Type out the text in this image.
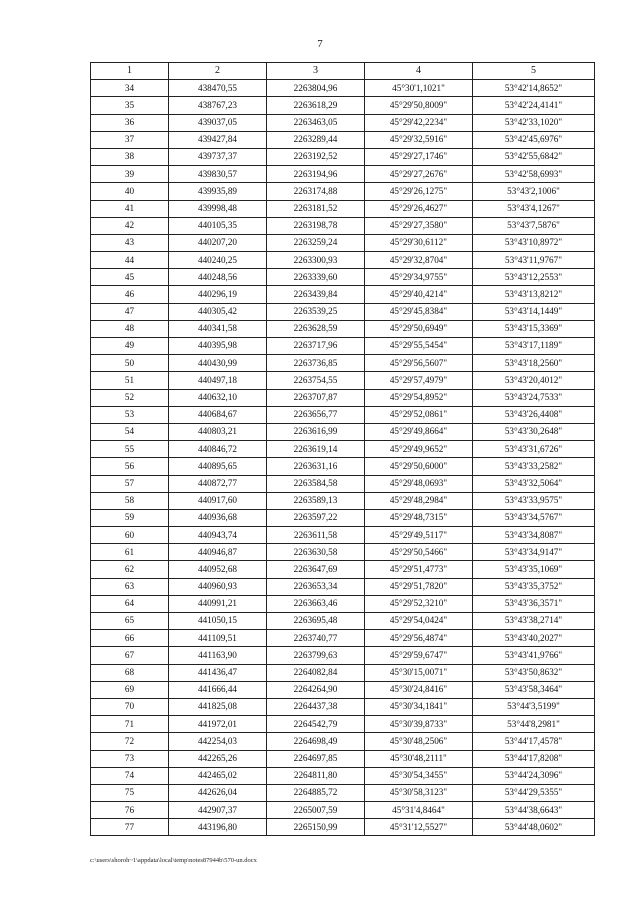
7
1	2	3	4	5
34	438470,55	2263804,96	45°30'1,1021"	53°42'14,8652"
35	438767,23	2263618,29	45°29'50,8009"	53°42'24,4141"
36	439037,05	2263463,05	45°29'42,2234"	53°42'33,1020"
37	439427,84	2263289,44	45°29'32,5916"	53°42'45,6976"
38	439737,37	2263192,52	45°29'27,1746"	53°42'55,6842"
39	439830,57	2263194,96	45°29'27,2676"	53°42'58,6993"
40	439935,89	2263174,88	45°29'26,1275"	53°43'2,1006"
41	439998,48	2263181,52	45°29'26,4627"	53°43'4,1267"
42	440105,35	2263198,78	45°29'27,3580"	53°43'7,5876"
43	440207,20	2263259,24	45°29'30,6112"	53°43'10,8972"
44	440240,25	2263300,93	45°29'32,8704"	53°43'11,9767"
45	440248,56	2263339,60	45°29'34,9755"	53°43'12,2553"
46	440296,19	2263439,84	45°29'40,4214"	53°43'13,8212"
47	440305,42	2263539,25	45°29'45,8384"	53°43'14,1449"
48	440341,58	2263628,59	45°29'50,6949"	53°43'15,3369"
49	440395,98	2263717,96	45°29'55,5454"	53°43'17,1189"
50	440430,99	2263736,85	45°29'56,5607"	53°43'18,2560"
51	440497,18	2263754,55	45°29'57,4979"	53°43'20,4012"
52	440632,10	2263707,87	45°29'54,8952"	53°43'24,7533"
53	440684,67	2263656,77	45°29'52,0861"	53°43'26,4408"
54	440803,21	2263616,99	45°29'49,8664"	53°43'30,2648"
55	440846,72	2263619,14	45°29'49,9652"	53°43'31,6726"
56	440895,65	2263631,16	45°29'50,6000"	53°43'33,2582"
57	440872,77	2263584,58	45°29'48,0693"	53°43'32,5064"
58	440917,60	2263589,13	45°29'48,2984"	53°43'33,9575"
59	440936,68	2263597,22	45°29'48,7315"	53°43'34,5767"
60	440943,74	2263611,58	45°29'49,5117"	53°43'34,8087"
61	440946,87	2263630,58	45°29'50,5466"	53°43'34,9147"
62	440952,68	2263647,69	45°29'51,4773"	53°43'35,1069"
63	440960,93	2263653,34	45°29'51,7820"	53°43'35,3752"
64	440991,21	2263663,46	45°29'52,3210"	53°43'36,3571"
65	441050,15	2263695,48	45°29'54,0424"	53°43'38,2714"
66	441109,51	2263740,77	45°29'56,4874"	53°43'40,2027"
67	441163,90	2263799,63	45°29'59,6747"	53°43'41,9766"
68	441436,47	2264082,84	45°30'15,0071"	53°43'50,8632"
69	441666,44	2264264,90	45°30'24,8416"	53°43'58,3464"
70	441825,08	2264437,38	45°30'34,1841"	53°44'3,5199"
71	441972,01	2264542,79	45°30'39,8733"	53°44'8,2981"
72	442254,03	2264698,49	45°30'48,2506"	53°44'17,4578"
73	442265,26	2264697,85	45°30'48,2111"	53°44'17,8208"
74	442465,02	2264811,80	45°30'54,3455"	53°44'24,3096"
75	442626,04	2264885,72	45°30'58,3123"	53°44'29,5355"
76	442907,37	2265007,59	45°31'4,8464"	53°44'38,6643"
77	443196,80	2265150,99	45°31'12,5527"	53°44'48,0602"
c:\users\shoroh~1\appdata\local\temp\notes87944b\570-un.docx
